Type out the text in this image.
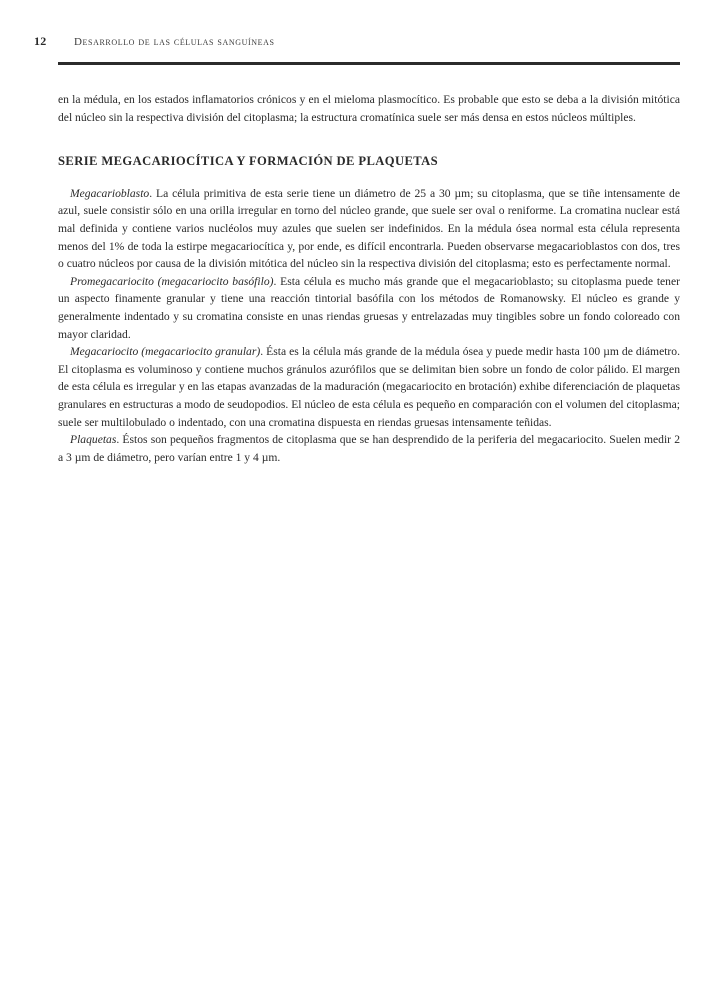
12	Desarrollo de las células sanguíneas

en la médula, en los estados inflamatorios crónicos y en el mieloma plasmocítico. Es probable que esto se deba a la división mitótica del núcleo sin la respectiva división del citoplasma; la estructura cromatínica suele ser más densa en estos núcleos múltiples.

SERIE MEGACARIOCÍTICA Y FORMACIÓN DE PLAQUETAS

Megacarioblasto. La célula primitiva de esta serie tiene un diámetro de 25 a 30 µm; su citoplasma, que se tiñe intensamente de azul, suele consistir sólo en una orilla irregular en torno del núcleo grande, que suele ser oval o reniforme. La cromatina nuclear está mal definida y contiene varios nucléolos muy azules que suelen ser indefinidos. En la médula ósea normal esta célula representa menos del 1% de toda la estirpe megacariocítica y, por ende, es difícil encontrarla. Pueden observarse megacarioblastos con dos, tres o cuatro núcleos por causa de la división mitótica del núcleo sin la respectiva división del citoplasma; esto es perfectamente normal.

Promegacariocito (megacariocito basófilo). Esta célula es mucho más grande que el megacarioblasto; su citoplasma puede tener un aspecto finamente granular y tiene una reacción tintorial basófila con los métodos de Romanowsky. El núcleo es grande y generalmente indentado y su cromatina consiste en unas riendas gruesas y entrelazadas muy tingibles sobre un fondo coloreado con mayor claridad.

Megacariocito (megacariocito granular). Ésta es la célula más grande de la médula ósea y puede medir hasta 100 µm de diámetro. El citoplasma es voluminoso y contiene muchos gránulos azurófilos que se delimitan bien sobre un fondo de color pálido. El margen de esta célula es irregular y en las etapas avanzadas de la maduración (megacariocito en brotación) exhibe diferenciación de plaquetas granulares en estructuras a modo de seudopodios. El núcleo de esta célula es pequeño en comparación con el volumen del citoplasma; suele ser multilobulado o indentado, con una cromatina dispuesta en riendas gruesas intensamente teñidas.

Plaquetas. Éstos son pequeños fragmentos de citoplasma que se han desprendido de la periferia del megacariocito. Suelen medir 2 a 3 µm de diámetro, pero varían entre 1 y 4 µm.
